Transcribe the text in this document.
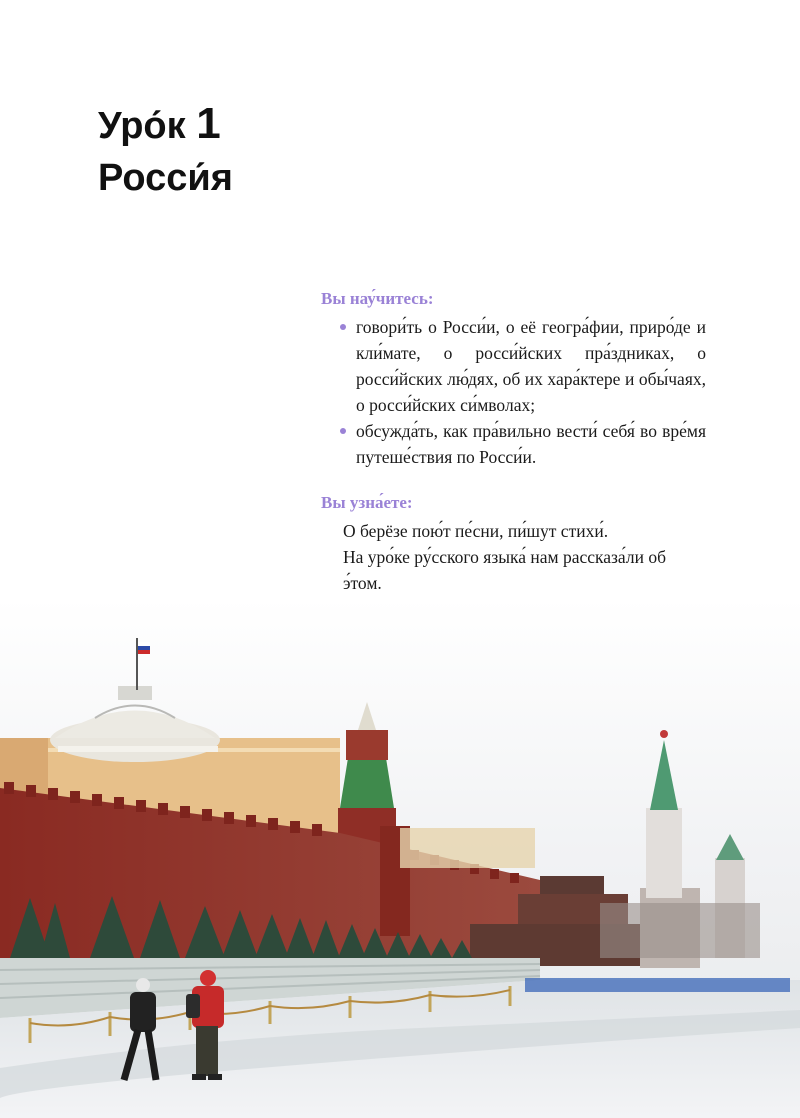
Уро́к 1
Росси́я
Вы нау́читесь:
говори́ть о Росси́и, о её геогра́фии, приро́де и кли́мате, о росси́йских пра́здниках, о росси́йских лю́дях, об их хара́ктере и обы́чаях, о росси́йских си́мволах;
обсужда́ть, как пра́вильно вести́ себя́ во вре́мя путеше́ствия по Росси́и.
Вы узна́ете:
О берёзе пою́т пе́сни, пи́шут стихи́.
На уро́ке ру́сского языка́ нам рассказа́ли об э́том.
